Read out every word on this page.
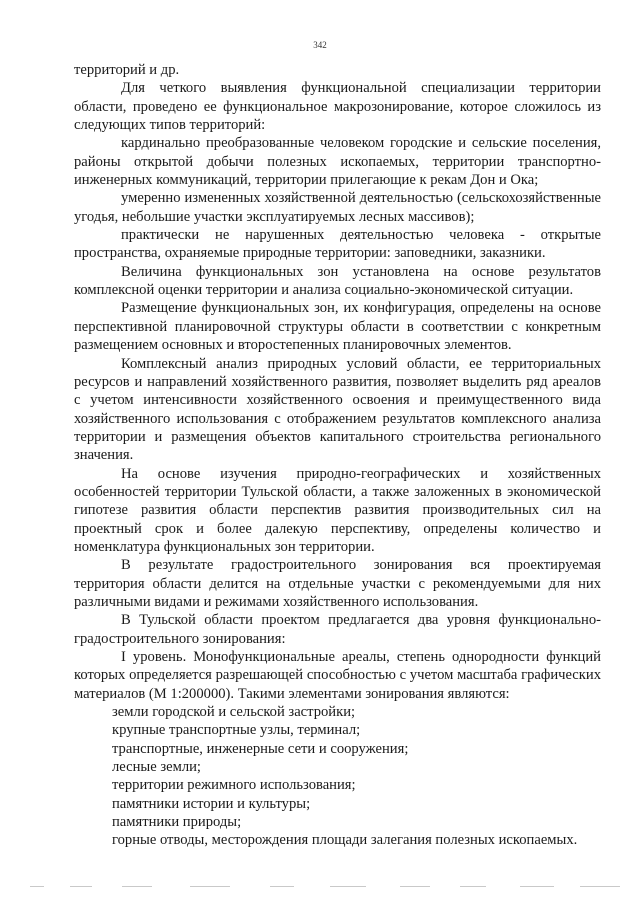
342

территорий и др.

Для четкого выявления функциональной специализации территории области, проведено ее функциональное макрозонирование, которое сложилось из следующих типов территорий:

кардинально преобразованные человеком городские и сельские поселения, районы открытой добычи полезных ископаемых, территории транспортно-инженерных коммуникаций, территории прилегающие к рекам Дон и Ока;

умеренно измененных хозяйственной деятельностью (сельскохозяйственные угодья, небольшие участки эксплуатируемых лесных массивов);

практически не нарушенных деятельностью человека - открытые пространства, охраняемые природные территории: заповедники, заказники.

Величина функциональных зон установлена на основе результатов комплексной оценки территории и анализа социально-экономической ситуации.

Размещение функциональных зон, их конфигурация, определены на основе перспективной планировочной структуры области в соответствии с конкретным размещением основных и второстепенных планировочных элементов.

Комплексный анализ природных условий области, ее территориальных ресурсов и направлений хозяйственного развития, позволяет выделить ряд ареалов с учетом интенсивности хозяйственного освоения и преимущественного вида хозяйственного использования с отображением результатов комплексного анализа территории и размещения объектов капитального строительства регионального значения.

На основе изучения природно-географических и хозяйственных особенностей территории Тульской области, а также заложенных в экономической гипотезе развития области перспектив развития производительных сил на проектный срок и более далекую перспективу, определены количество и номенклатура функциональных зон территории.

В результате градостроительного зонирования вся проектируемая территория области делится на отдельные участки с рекомендуемыми для них различными видами и режимами хозяйственного использования.

В Тульской области проектом предлагается два уровня функционально-градостроительного зонирования:

I уровень. Монофункциональные ареалы, степень однородности функций которых определяется разрешающей способностью с учетом масштаба графических материалов (М 1:200000). Такими элементами зонирования являются:

земли городской и сельской застройки;
крупные транспортные узлы, терминал;
транспортные, инженерные сети и сооружения;
лесные земли;
территории режимного использования;
памятники истории и культуры;
памятники природы;
горные отводы, месторождения площади залегания полезных ископаемых.
